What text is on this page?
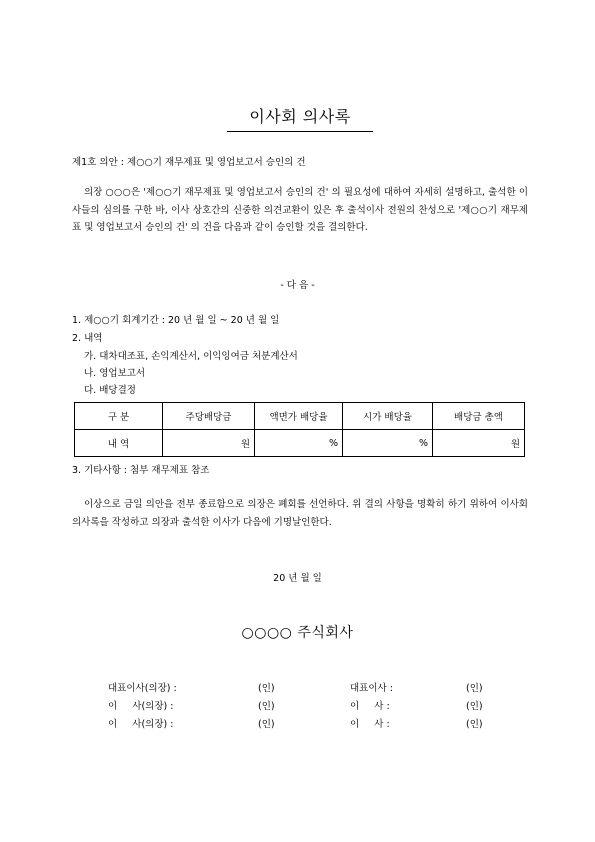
이사회 의사록
제1호 의안 : 제○○기 재무제표 및 영업보고서 승인의 건
의장 ○○○은 '제○○기 재무제표 및 영업보고서 승인의 건' 의 필요성에 대하여 자세히 설명하고, 출석한 이사들의 심의를 구한 바, 이사 상호간의 신중한 의견교환이 있은 후 출석이사 전원의 찬성으로 '제○○기 재무제표 및 영업보고서 승인의 건' 의 건을 다음과 같이 승인할 것을 결의한다.
- 다 음 -
1. 제○○기 회계기간 : 20 년 월 일 ~ 20 년 월 일
2. 내역
가. 대차대조표, 손익계산서, 이익잉여금 처분계산서
나. 영업보고서
다. 배당결정
구 분	주당배당금	액면가 배당율	시가 배당율	배당금 총액
내 역	원	%	%	원
3. 기타사항 : 첨부 재무제표 참조
이상으로 금일 의안을 전부 종료함으로 의장은 폐회를 선언하다. 위 결의 사항을 명확히 하기 위하여 이사회의사록을 작성하고 의장과 출석한 이사가 다음에 기명날인한다.
20 년 월 일
○○○○ 주식회사
대표이사(의장) :	(인)	대표이사 :	(인)
이     사(의장) :	(인)	이     사 :	(인)
이     사(의장) :	(인)	이     사 :	(인)
